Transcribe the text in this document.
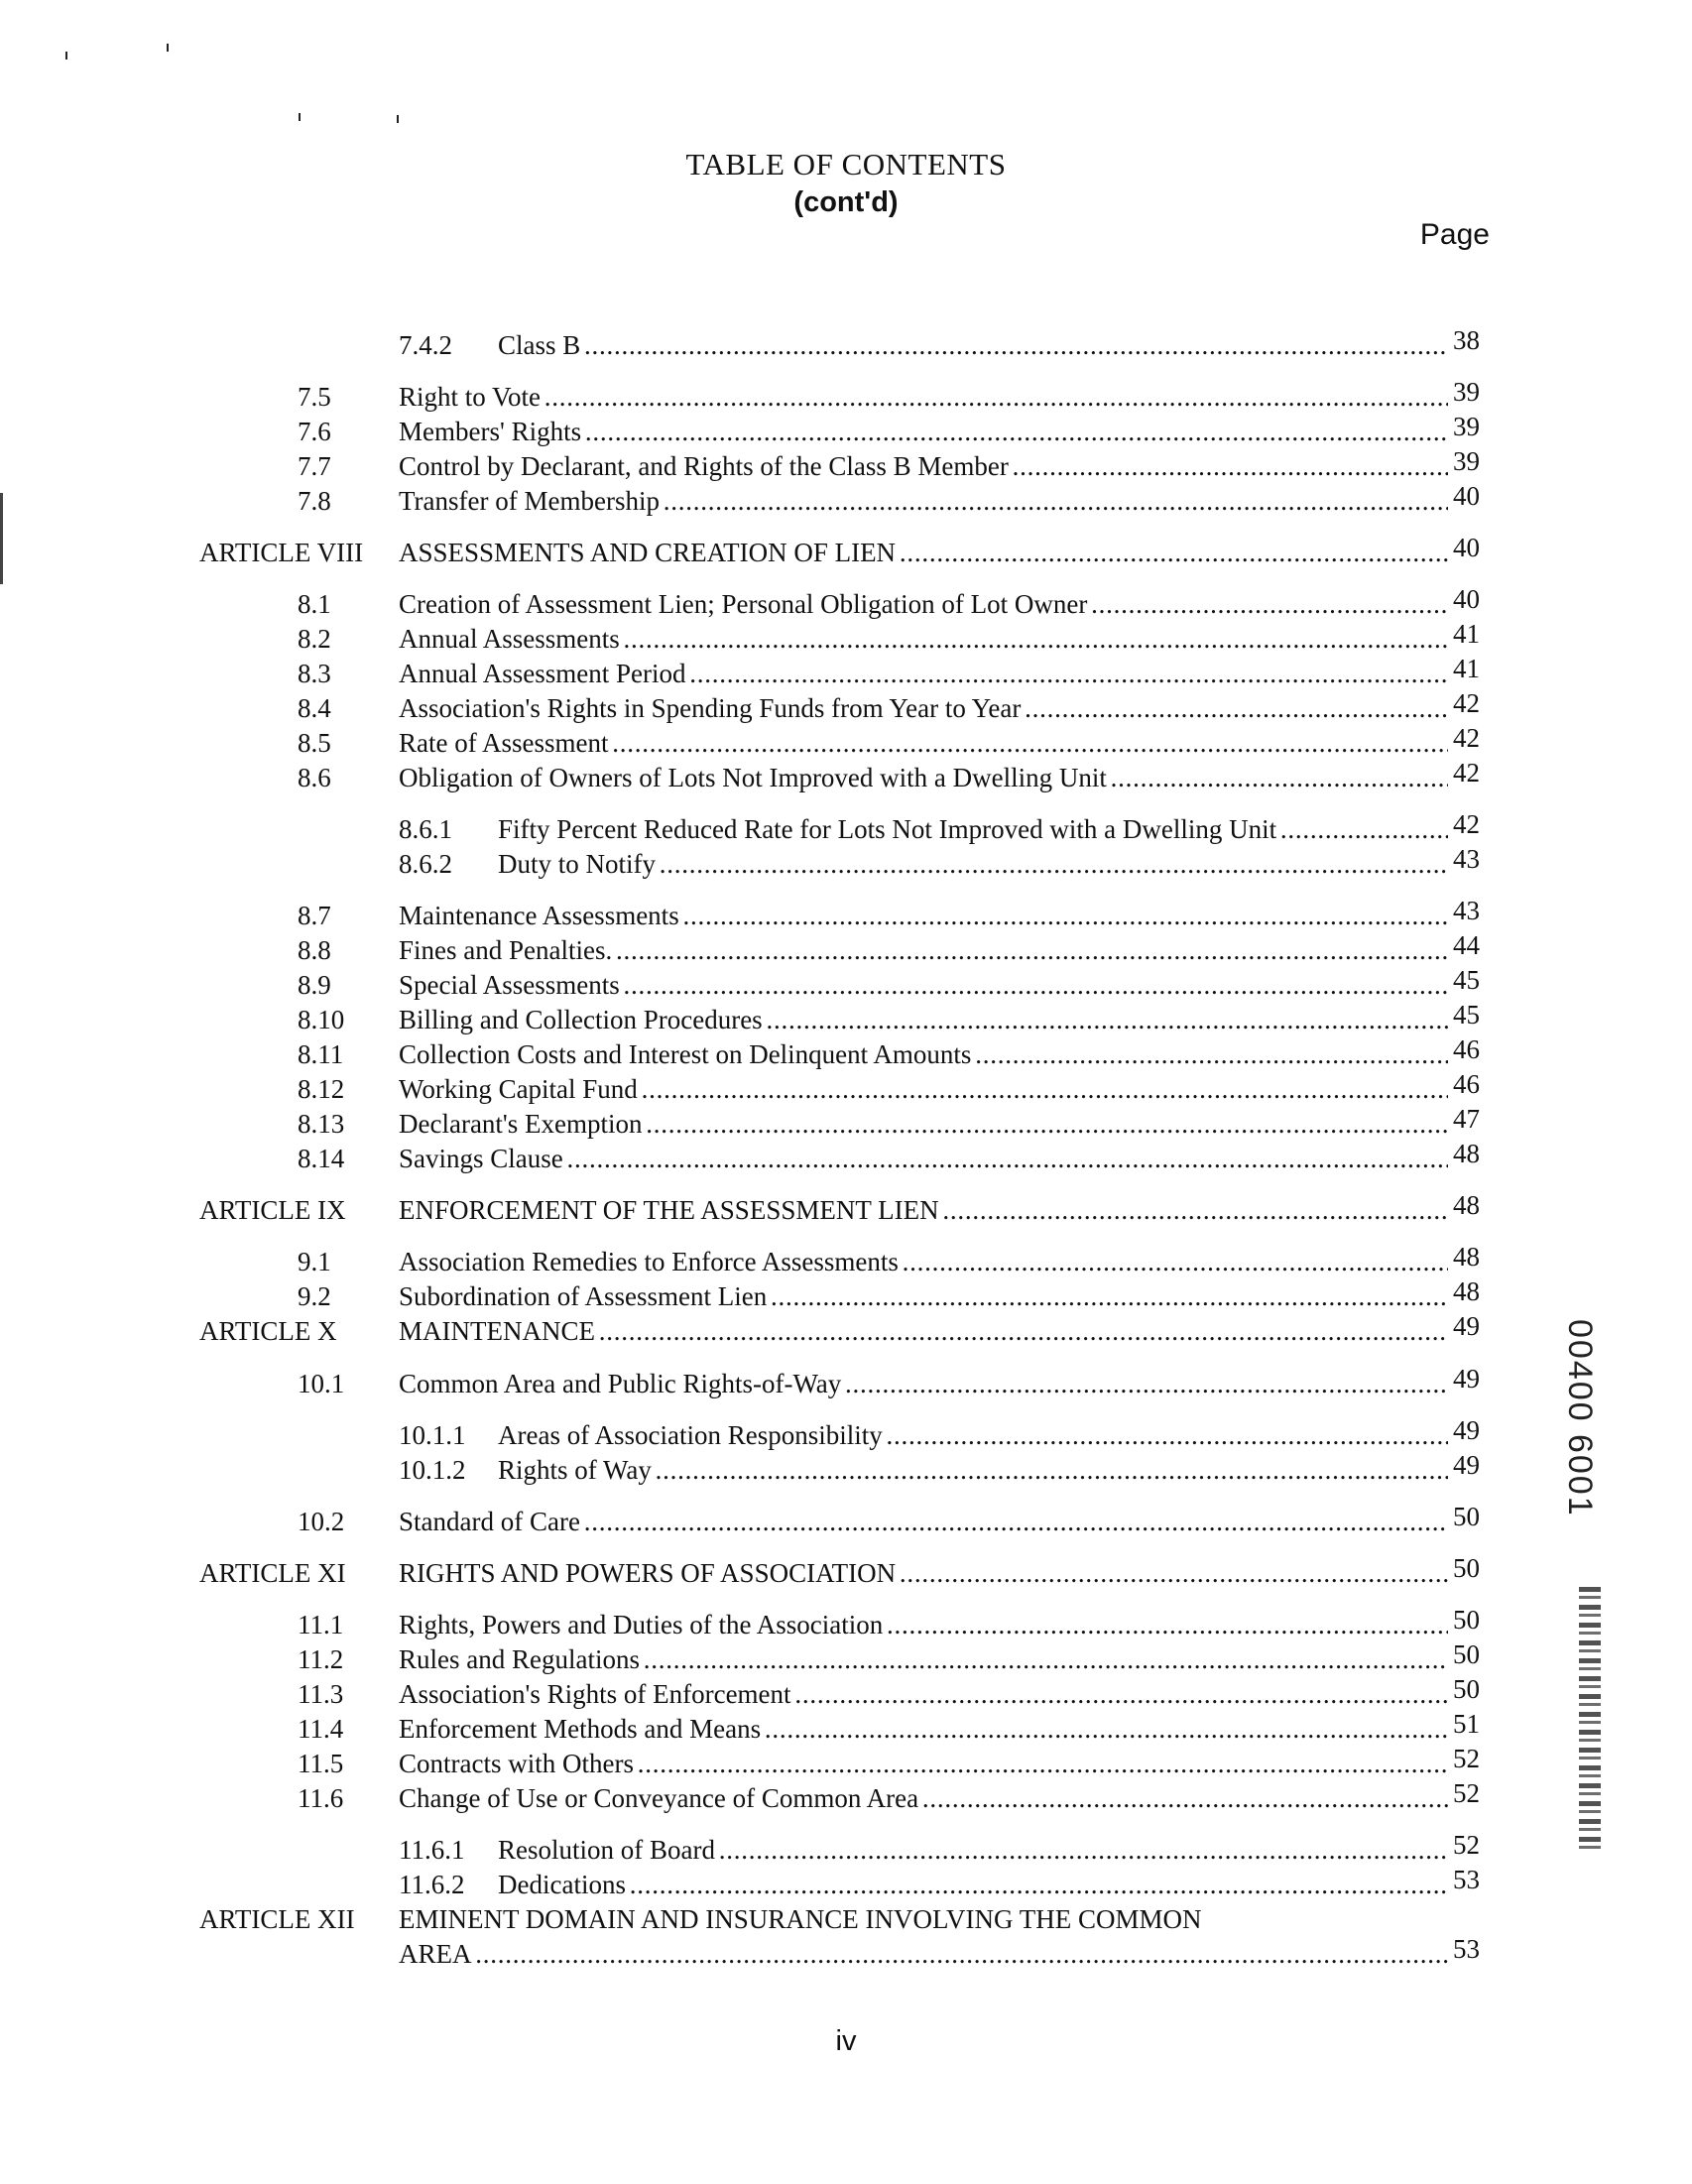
TABLE OF CONTENTS
(cont'd)
Page
7.4.2 Class B . . .	38
7.5	Right to Vote . . .	39
7.6	Members' Rights . . .	39
7.7	Control by Declarant, and Rights of the Class B Member . . .	39
7.8	Transfer of Membership . . .	40
ARTICLE VIII ASSESSMENTS AND CREATION OF LIEN . . .	40
8.1	Creation of Assessment Lien; Personal Obligation of Lot Owner . . .	40
8.2	Annual Assessments . . .	41
8.3	Annual Assessment Period . . .	41
8.4	Association's Rights in Spending Funds from Year to Year . . .	42
8.5	Rate of Assessment . . .	42
8.6	Obligation of Owners of Lots Not Improved with a Dwelling Unit . . .	42
8.6.1 Fifty Percent Reduced Rate for Lots Not Improved with a Dwelling Unit . . .	42
8.6.2 Duty to Notify . . .	43
8.7	Maintenance Assessments . . .	43
8.8	Fines and Penalties. . . .	44
8.9	Special Assessments . . .	45
8.10 Billing and Collection Procedures . . .	45
8.11 Collection Costs and Interest on Delinquent Amounts . . .	46
8.12 Working Capital Fund . . .	46
8.13 Declarant's Exemption . . .	47
8.14 Savings Clause . . .	48
ARTICLE IX ENFORCEMENT OF THE ASSESSMENT LIEN . . .	48
9.1	Association Remedies to Enforce Assessments . . .	48
9.2	Subordination of Assessment Lien . . .	48
ARTICLE X MAINTENANCE . . .	49
10.1 Common Area and Public Rights-of-Way . . .	49
10.1.1 Areas of Association Responsibility . . .	49
10.1.2 Rights of Way . . .	49
10.2 Standard of Care . . .	50
ARTICLE XI RIGHTS AND POWERS OF ASSOCIATION . . .	50
11.1 Rights, Powers and Duties of the Association . . .	50
11.2 Rules and Regulations . . .	50
11.3 Association's Rights of Enforcement . . .	50
11.4 Enforcement Methods and Means . . .	51
11.5 Contracts with Others . . .	52
11.6 Change of Use or Conveyance of Common Area . . .	52
11.6.1 Resolution of Board . . .	52
11.6.2 Dedications . . .	53
ARTICLE XII EMINENT DOMAIN AND INSURANCE INVOLVING THE COMMON
AREA . . .	53
iv
00400 6001
